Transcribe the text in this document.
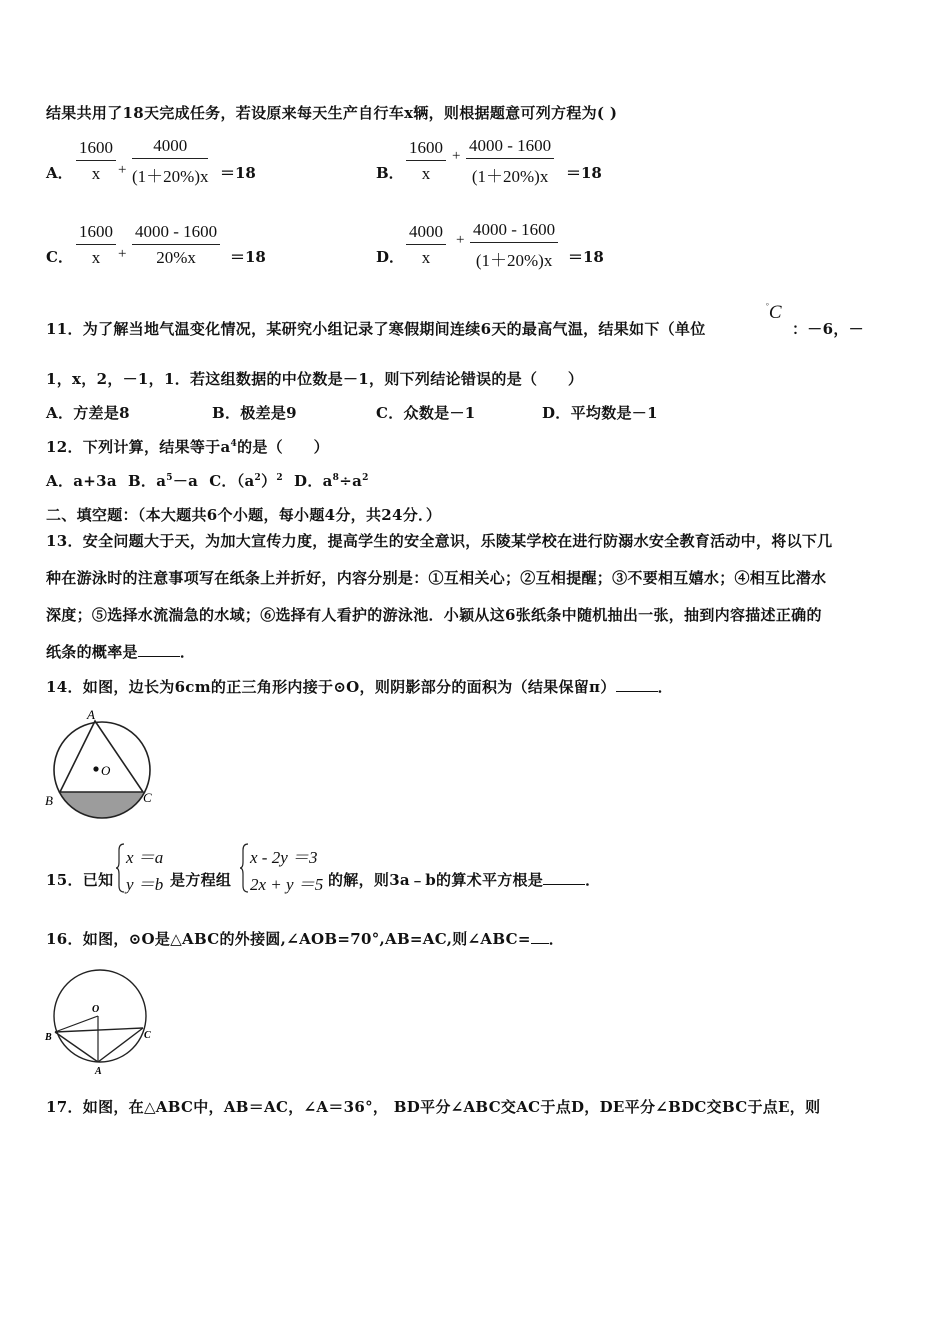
结果共用了18天完成任务，若设原来每天生产自行车x辆，则根据题意可列方程为( )
A． $\frac{1600}{x} + \frac{4000}{(1+20\%)x} =18$	B． $\frac{1600}{x} + \frac{4000 - 1600}{(1+20\%)x} =18$
C． $\frac{1600}{x} + \frac{4000 - 1600}{20\%x} =18$	D． $\frac{4000}{x} + \frac{4000 - 1600}{(1+20\%)x} =18$
11．为了解当地气温变化情况，某研究小组记录了寒假期间连续6天的最高气温，结果如下（单位
°C
：－6，－
1，x，2，－1，1．若这组数据的中位数是－1，则下列结论错误的是（　　）
A．方差是8	B．极差是9	C．众数是－1	D．平均数是－1
12．下列计算，结果等于$a^4$的是（　　）
A．a+3a B．$a^5-a$ C．$(a^2)^2$ D．$a^8\div a^2$
二、填空题：（本大题共6个小题，每小题4分，共24分．）
13．安全问题大于天，为加大宣传力度，提高学生的安全意识，乐陵某学校在进行防溺水安全教育活动中，将以下几
种在游泳时的注意事项写在纸条上并折好，内容分别是：①互相关心；②互相提醒；③不要相互嬉水；④相互比潜水
深度；⑤选择水流湍急的水域；⑥选择有人看护的游泳池．小颖从这6张纸条中随机抽出一张，抽到内容描述正确的
纸条的概率是	．
14．如图，边长为6cm的正三角形内接于⊙O，则阴影部分的面积为（结果保留π）	．
A
O
B	C
15．已知
x ＝a
y ＝b 是方程组
x - 2y ＝3
2x + y ＝5 的解，则3a﹣b的算术平方根是	．
16．如图，⊙O是△ABC的外接圆,∠AOB=70°,AB=AC,则∠ABC= ．
O
B	C
A
17．如图，在△ABC中，AB＝AC，∠A＝36°， BD平分∠ABC交AC于点D，DE平分∠BDC交BC于点E，则
